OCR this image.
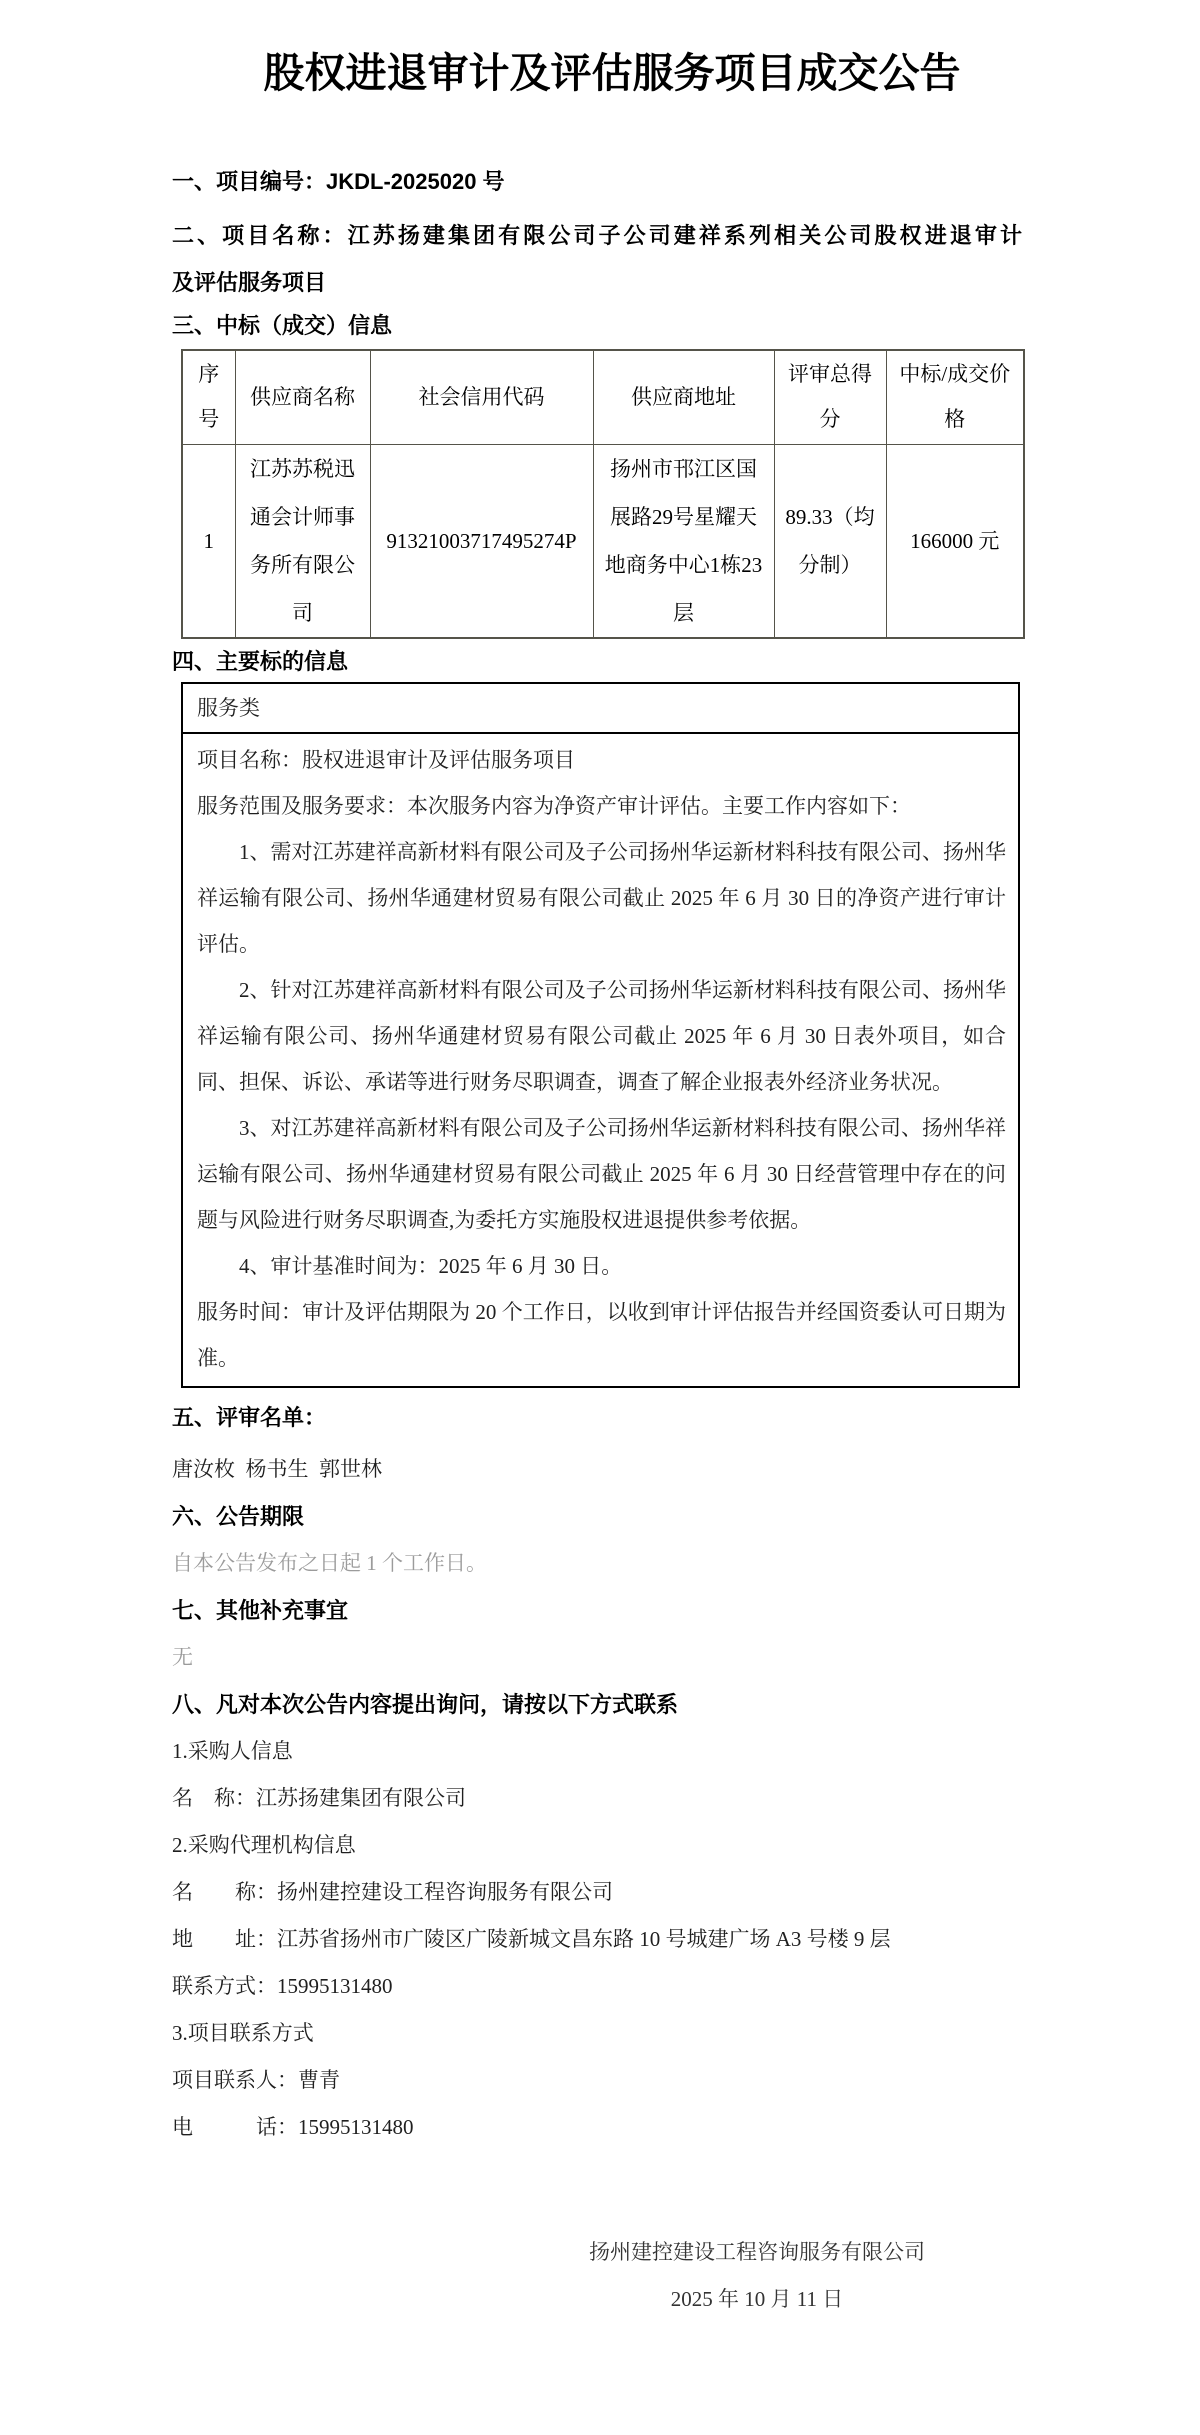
股权进退审计及评估服务项目成交公告
一、项目编号：JKDL-2025020 号
二、项目名称：江苏扬建集团有限公司子公司建祥系列相关公司股权进退审计
及评估服务项目
三、中标（成交）信息
序号	供应商名称	社会信用代码	供应商地址	评审总得分	中标/成交价格
1	江苏苏税迅通会计师事务所有限公司	91321003717495274P	扬州市邗江区国展路29号星耀天地商务中心1栋23层	89.33（均分制）	166000 元
四、主要标的信息
服务类

项目名称：股权进退审计及评估服务项目

服务范围及服务要求：本次服务内容为净资产审计评估。主要工作内容如下：

1、需对江苏建祥高新材料有限公司及子公司扬州华运新材料科技有限公司、扬州华祥运输有限公司、扬州华通建材贸易有限公司截止 2025 年 6 月 30 日的净资产进行审计评估。

2、针对江苏建祥高新材料有限公司及子公司扬州华运新材料科技有限公司、扬州华祥运输有限公司、扬州华通建材贸易有限公司截止 2025 年 6 月 30 日表外项目，如合同、担保、诉讼、承诺等进行财务尽职调查，调查了解企业报表外经济业务状况。

3、对江苏建祥高新材料有限公司及子公司扬州华运新材料科技有限公司、扬州华祥运输有限公司、扬州华通建材贸易有限公司截止 2025 年 6 月 30 日经营管理中存在的问题与风险进行财务尽职调查,为委托方实施股权进退提供参考依据。

4、审计基准时间为：2025 年 6 月 30 日。

服务时间：审计及评估期限为 20 个工作日，以收到审计评估报告并经国资委认可日期为准。

五、评审名单：
唐汝枚  杨书生  郭世林
六、公告期限
自本公告发布之日起 1 个工作日。
七、其他补充事宜
无
八、凡对本次公告内容提出询问，请按以下方式联系
1.采购人信息
名　称：江苏扬建集团有限公司
2.采购代理机构信息
名　　称：扬州建控建设工程咨询服务有限公司
地　　址：江苏省扬州市广陵区广陵新城文昌东路 10 号城建广场 A3 号楼 9 层
联系方式：15995131480
3.项目联系方式
项目联系人：曹青
电　　　话：15995131480
扬州建控建设工程咨询服务有限公司
2025 年 10 月 11 日
